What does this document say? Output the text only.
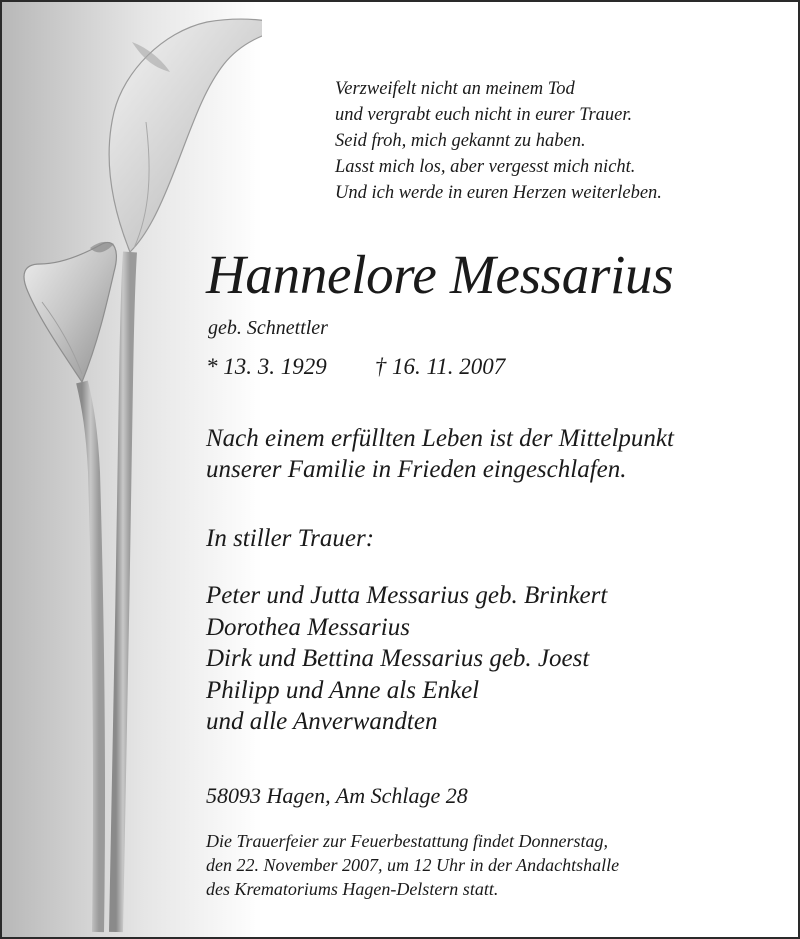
Verzweifelt nicht an meinem Tod
und vergrabt euch nicht in eurer Trauer.
Seid froh, mich gekannt zu haben.
Lasst mich los, aber vergesst mich nicht.
Und ich werde in euren Herzen weiterleben.
Hannelore Messarius
geb. Schnettler
* 13. 3. 1929 † 16. 11. 2007
Nach einem erfüllten Leben ist der Mittelpunkt
unserer Familie in Frieden eingeschlafen.
In stiller Trauer:
Peter und Jutta Messarius geb. Brinkert
Dorothea Messarius
Dirk und Bettina Messarius geb. Joest
Philipp und Anne als Enkel
und alle Anverwandten
58093 Hagen, Am Schlage 28
Die Trauerfeier zur Feuerbestattung findet Donnerstag,
den 22. November 2007, um 12 Uhr in der Andachtshalle
des Krematoriums Hagen-Delstern statt.
